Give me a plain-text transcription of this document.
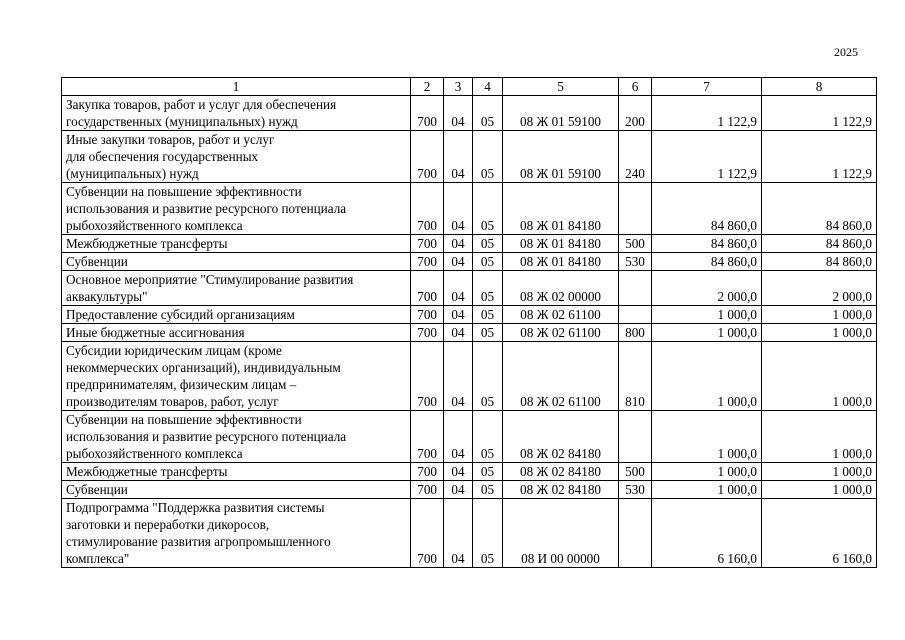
2025
1	2	3	4	5	6	7	8
Закупка товаров, работ и услуг для обеспечения
государственных (муниципальных) нужд	700	04	05	08 Ж 01 59100	200	1 122,9	1 122,9
Иные закупки товаров, работ и услуг
для обеспечения государственных
(муниципальных) нужд	700	04	05	08 Ж 01 59100	240	1 122,9	1 122,9
Субвенции на повышение эффективности
использования и развитие ресурсного потенциала
рыбохозяйственного комплекса	700	04	05	08 Ж 01 84180		84 860,0	84 860,0
Межбюджетные трансферты	700	04	05	08 Ж 01 84180	500	84 860,0	84 860,0
Субвенции	700	04	05	08 Ж 01 84180	530	84 860,0	84 860,0
Основное мероприятие "Стимулирование развития
аквакультуры"	700	04	05	08 Ж 02 00000		2 000,0	2 000,0
Предоставление субсидий организациям	700	04	05	08 Ж 02 61100		1 000,0	1 000,0
Иные бюджетные ассигнования	700	04	05	08 Ж 02 61100	800	1 000,0	1 000,0
Субсидии юридическим лицам (кроме
некоммерческих организаций), индивидуальным
предпринимателям, физическим лицам –
производителям товаров, работ, услуг	700	04	05	08 Ж 02 61100	810	1 000,0	1 000,0
Субвенции на повышение эффективности
использования и развитие ресурсного потенциала
рыбохозяйственного комплекса	700	04	05	08 Ж 02 84180		1 000,0	1 000,0
Межбюджетные трансферты	700	04	05	08 Ж 02 84180	500	1 000,0	1 000,0
Субвенции	700	04	05	08 Ж 02 84180	530	1 000,0	1 000,0
Подпрограмма "Поддержка развития системы
заготовки и переработки дикоросов,
стимулирование развития агропромышленного
комплекса"	700	04	05	08 И 00 00000		6 160,0	6 160,0
